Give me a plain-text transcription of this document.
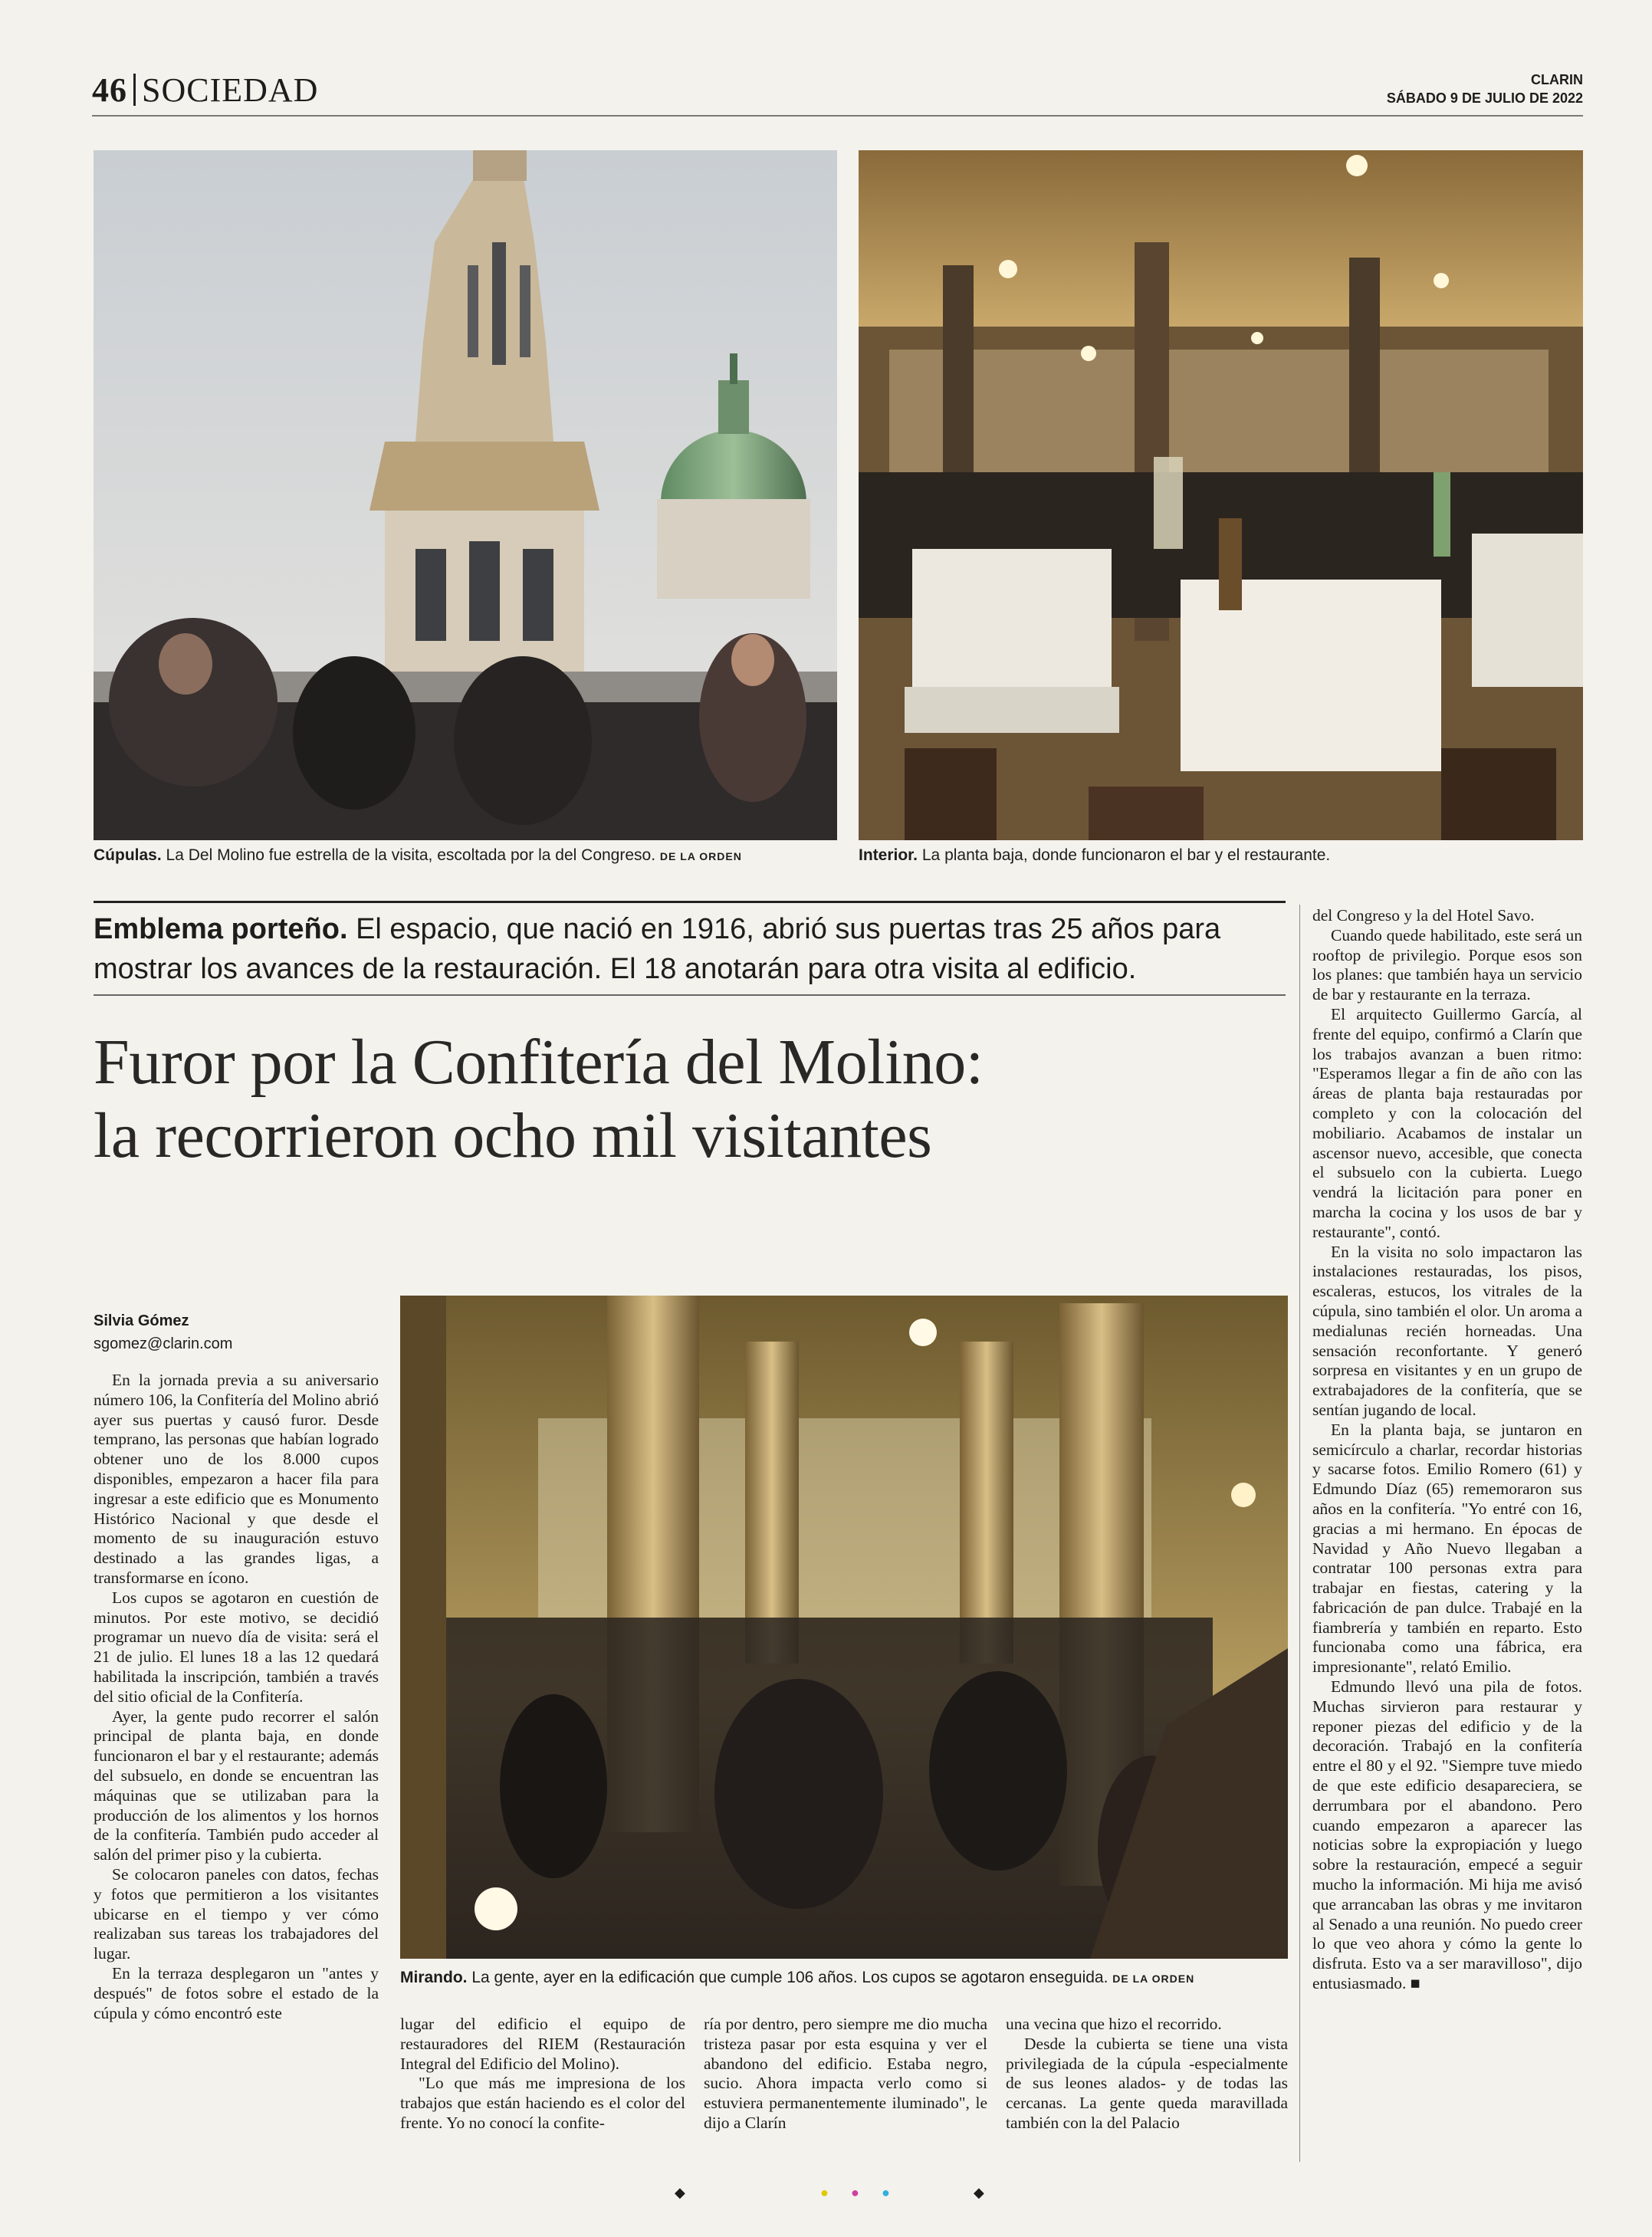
46 SOCIEDAD	CLARIN
SÁBADO 9 DE JULIO DE 2022
Cúpulas. La Del Molino fue estrella de la visita, escoltada por la del Congreso. DE LA ORDEN	Interior. La planta baja, donde funcionaron el bar y el restaurante.
Emblema porteño. El espacio, que nació en 1916, abrió sus puertas tras 25 años para mostrar los avances de la restauración. El 18 anotarán para otra visita al edificio.
Furor por la Confitería del Molino:
la recorrieron ocho mil visitantes
Silvia Gómez
sgomez@clarin.com
Mirando. La gente, ayer en la edificación que cumple 106 años. Los cupos se agotaron enseguida. DE LA ORDEN

En la jornada previa a su aniversario número 106, la Confitería del Molino abrió ayer sus puertas y causó furor. Desde temprano, las personas que habían logrado obtener uno de los 8.000 cupos disponibles, empezaron a hacer fila para ingresar a este edificio que es Monumento Histórico Nacional y que desde el momento de su inauguración estuvo destinado a las grandes ligas, a transformarse en ícono.

Los cupos se agotaron en cuestión de minutos. Por este motivo, se decidió programar un nuevo día de visita: será el 21 de julio. El lunes 18 a las 12 quedará habilitada la inscripción, también a través del sitio oficial de la Confitería.

Ayer, la gente pudo recorrer el salón principal de planta baja, en donde funcionaron el bar y el restaurante; además del subsuelo, en donde se encuentran las máquinas que se utilizaban para la producción de los alimentos y los hornos de la confitería. También pudo acceder al salón del primer piso y la cubierta.

Se colocaron paneles con datos, fechas y fotos que permitieron a los visitantes ubicarse en el tiempo y ver cómo realizaban sus tareas los trabajadores del lugar.

En la terraza desplegaron un "antes y después" de fotos sobre el estado de la cúpula y cómo encontró este

lugar del edificio el equipo de restauradores del RIEM (Restauración Integral del Edificio del Molino).

"Lo que más me impresiona de los trabajos que están haciendo es el color del frente. Yo no conocí la confite-

ría por dentro, pero siempre me dio mucha tristeza pasar por esta esquina y ver el abandono del edificio. Estaba negro, sucio. Ahora impacta verlo como si estuviera permanentemente iluminado", le dijo a Clarín

una vecina que hizo el recorrido.

Desde la cubierta se tiene una vista privilegiada de la cúpula -especialmente de sus leones alados- y de todas las cercanas. La gente queda maravillada también con la del Palacio

del Congreso y la del Hotel Savo.

Cuando quede habilitado, este será un rooftop de privilegio. Porque esos son los planes: que también haya un servicio de bar y restaurante en la terraza.

El arquitecto Guillermo García, al frente del equipo, confirmó a Clarín que los trabajos avanzan a buen ritmo: "Esperamos llegar a fin de año con las áreas de planta baja restauradas por completo y con la colocación del mobiliario. Acabamos de instalar un ascensor nuevo, accesible, que conecta el subsuelo con la cubierta. Luego vendrá la licitación para poner en marcha la cocina y los usos de bar y restaurante", contó.

En la visita no solo impactaron las instalaciones restauradas, los pisos, escaleras, estucos, los vitrales de la cúpula, sino también el olor. Un aroma a medialunas recién horneadas. Una sensación reconfortante. Y generó sorpresa en visitantes y en un grupo de extrabajadores de la confitería, que se sentían jugando de local.

En la planta baja, se juntaron en semicírculo a charlar, recordar historias y sacarse fotos. Emilio Romero (61) y Edmundo Díaz (65) rememoraron sus años en la confitería. "Yo entré con 16, gracias a mi hermano. En épocas de Navidad y Año Nuevo llegaban a contratar 100 personas extra para trabajar en fiestas, catering y la fabricación de pan dulce. Trabajé en la fiambrería y también en reparto. Esto funcionaba como una fábrica, era impresionante", relató Emilio.

Edmundo llevó una pila de fotos. Muchas sirvieron para restaurar y reponer piezas del edificio y de la decoración. Trabajó en la confitería entre el 80 y el 92. "Siempre tuve miedo de que este edificio desapareciera, se derrumbara por el abandono. Pero cuando empezaron a aparecer las noticias sobre la expropiación y luego sobre la restauración, empecé a seguir mucho la información. Mi hija me avisó que arrancaban las obras y me invitaron al Senado a una reunión. No puedo creer lo que veo ahora y cómo la gente lo disfruta. Esto va a ser maravilloso", dijo entusiasmado. ■

◆	● ● ●	◆
